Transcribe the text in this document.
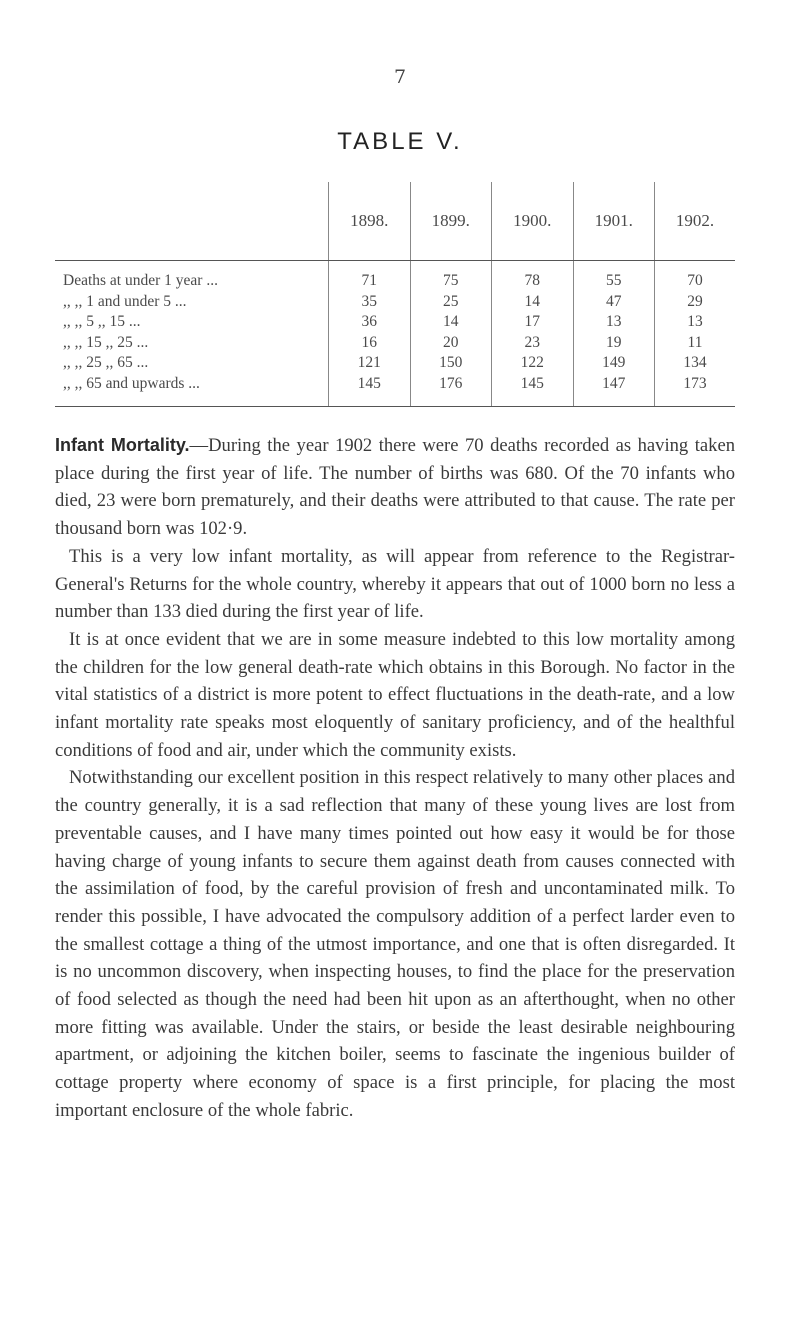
7
TABLE V.
	1898.	1899.	1900.	1901.	1902.
Deaths at under 1 year ...	71	75	78	55	70
,, ,, 1 and under 5 ...	35	25	14	47	29
,, ,, 5 ,, 15 ...	36	14	17	13	13
,, ,, 15 ,, 25 ...	16	20	23	19	11
,, ,, 25 ,, 65 ...	121	150	122	149	134
,, ,, 65 and upwards ...	145	176	145	147	173

Infant Mortality.—During the year 1902 there were 70 deaths recorded as having taken place during the first year of life. The number of births was 680. Of the 70 infants who died, 23 were born prematurely, and their deaths were attributed to that cause. The rate per thousand born was 102·9.

This is a very low infant mortality, as will appear from reference to the Registrar-General's Returns for the whole country, whereby it appears that out of 1000 born no less a number than 133 died during the first year of life.

It is at once evident that we are in some measure indebted to this low mortality among the children for the low general death-rate which obtains in this Borough. No factor in the vital statistics of a district is more potent to effect fluctuations in the death-rate, and a low infant mortality rate speaks most eloquently of sanitary proficiency, and of the healthful conditions of food and air, under which the community exists.

Notwithstanding our excellent position in this respect relatively to many other places and the country generally, it is a sad reflection that many of these young lives are lost from preventable causes, and I have many times pointed out how easy it would be for those having charge of young infants to secure them against death from causes connected with the assimilation of food, by the careful provision of fresh and uncontaminated milk. To render this possible, I have advocated the compulsory addition of a perfect larder even to the smallest cottage a thing of the utmost importance, and one that is often disregarded. It is no uncommon discovery, when inspecting houses, to find the place for the preservation of food selected as though the need had been hit upon as an afterthought, when no other more fitting was available. Under the stairs, or beside the least desirable neighbouring apartment, or adjoining the kitchen boiler, seems to fascinate the ingenious builder of cottage property where economy of space is a first principle, for placing the most important enclosure of the whole fabric.
